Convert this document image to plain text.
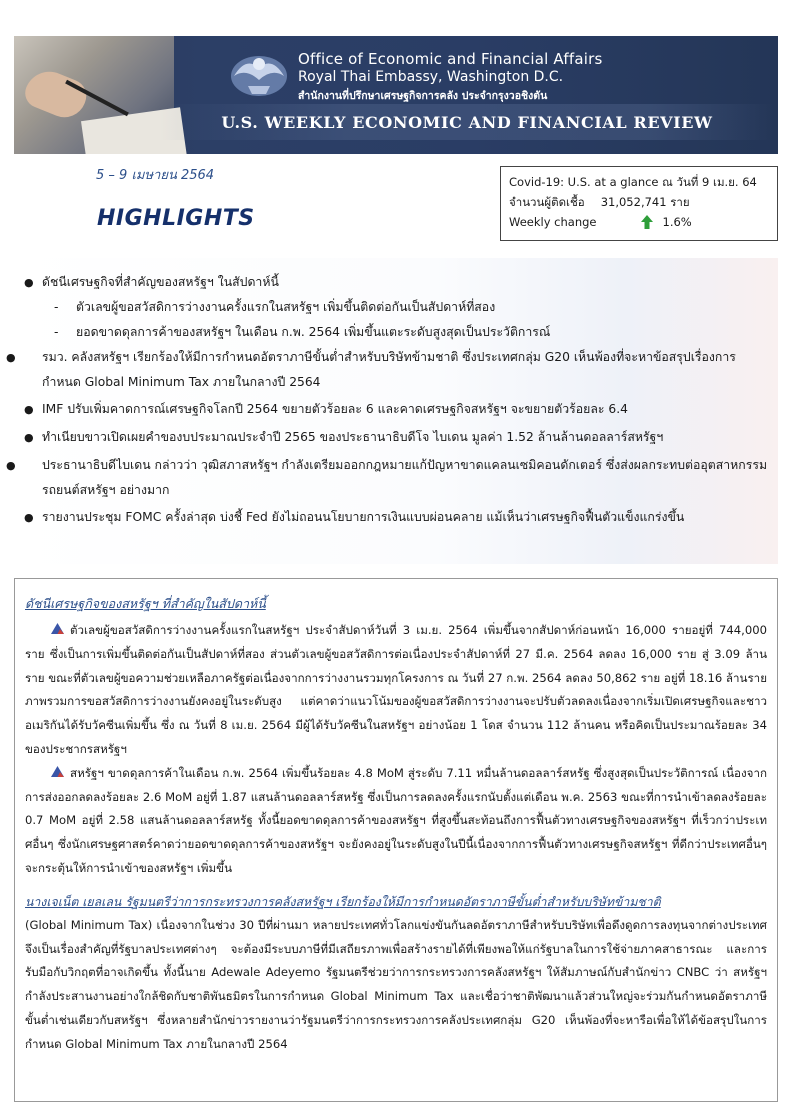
Office of Economic and Financial Affairs
Royal Thai Embassy, Washington D.C.
สำนักงานที่ปรึกษาเศรษฐกิจการคลัง ประจำกรุงวอชิงตัน
U.S. WEEKLY ECONOMIC AND FINANCIAL REVIEW
5 – 9 เมษายน 2564
HIGHLIGHTS
Covid-19: U.S. at a glance ณ วันที่ 9 เม.ย. 64
จำนวนผู้ติดเชื้อ 31,052,741 ราย
Weekly change	1.6%
● ดัชนีเศรษฐกิจที่สำคัญของสหรัฐฯ ในสัปดาห์นี้
- ตัวเลขผู้ขอสวัสดิการว่างงานครั้งแรกในสหรัฐฯ เพิ่มขึ้นติดต่อกันเป็นสัปดาห์ที่สอง
- ยอดขาดดุลการค้าของสหรัฐฯ ในเดือน ก.พ. 2564 เพิ่มขึ้นแตะระดับสูงสุดเป็นประวัติการณ์
● รมว. คลังสหรัฐฯ เรียกร้องให้มีการกำหนดอัตราภาษีขั้นต่ำสำหรับบริษัทข้ามชาติ ซึ่งประเทศกลุ่ม G20 เห็นพ้องที่จะหาข้อสรุปเรื่องการกำหนด Global Minimum Tax ภายในกลางปี 2564
● IMF ปรับเพิ่มคาดการณ์เศรษฐกิจโลกปี 2564 ขยายตัวร้อยละ 6 และคาดเศรษฐกิจสหรัฐฯ จะขยายตัวร้อยละ 6.4
● ทำเนียบขาวเปิดเผยคำของบประมาณประจำปี 2565 ของประธานาธิบดีโจ ไบเดน มูลค่า 1.52 ล้านล้านดอลลาร์สหรัฐฯ
● ประธานาธิบดีไบเดน กล่าวว่า วุฒิสภาสหรัฐฯ กำลังเตรียมออกกฎหมายแก้ปัญหาขาดแคลนเซมิคอนดักเตอร์ ซึ่งส่งผลกระทบต่ออุตสาหกรรมรถยนต์สหรัฐฯ อย่างมาก
● รายงานประชุม FOMC ครั้งล่าสุด บ่งชี้ Fed ยังไม่ถอนนโยบายการเงินแบบผ่อนคลาย แม้เห็นว่าเศรษฐกิจฟื้นตัวแข็งแกร่งขึ้น
ดัชนีเศรษฐกิจของสหรัฐฯ ที่สำคัญในสัปดาห์นี้
ตัวเลขผู้ขอสวัสดิการว่างงานครั้งแรกในสหรัฐฯ ประจำสัปดาห์วันที่ 3 เม.ย. 2564 เพิ่มขึ้นจากสัปดาห์ก่อนหน้า 16,000 รายอยู่ที่ 744,000 ราย ซึ่งเป็นการเพิ่มขึ้นติดต่อกันเป็นสัปดาห์ที่สอง ส่วนตัวเลขผู้ขอสวัสดิการต่อเนื่องประจำสัปดาห์ที่ 27 มี.ค. 2564 ลดลง 16,000 ราย สู่ 3.09 ล้านราย ขณะที่ตัวเลขผู้ขอความช่วยเหลือภาครัฐต่อเนื่องจากการว่างงานรวมทุกโครงการ ณ วันที่ 27 ก.พ. 2564 ลดลง 50,862 ราย อยู่ที่ 18.16 ล้านราย ภาพรวมการขอสวัสดิการว่างงานยังคงอยู่ในระดับสูง แต่คาดว่าแนวโน้มของผู้ขอสวัสดิการว่างงานจะปรับตัวลดลงเนื่องจากเริ่มเปิดเศรษฐกิจและชาวอเมริกันได้รับวัคซีนเพิ่มขึ้น ซึ่ง ณ วันที่ 8 เม.ย. 2564 มีผู้ได้รับวัคซีนในสหรัฐฯ อย่างน้อย 1 โดส จำนวน 112 ล้านคน หรือคิดเป็นประมาณร้อยละ 34 ของประชากรสหรัฐฯ
สหรัฐฯ ขาดดุลการค้าในเดือน ก.พ. 2564 เพิ่มขึ้นร้อยละ 4.8 MoM สู่ระดับ 7.11 หมื่นล้านดอลลาร์สหรัฐ ซึ่งสูงสุดเป็นประวัติการณ์ เนื่องจากการส่งออกลดลงร้อยละ 2.6 MoM อยู่ที่ 1.87 แสนล้านดอลลาร์สหรัฐ ซึ่งเป็นการลดลงครั้งแรกนับตั้งแต่เดือน พ.ค. 2563 ขณะที่การนำเข้าลดลงร้อยละ 0.7 MoM อยู่ที่ 2.58 แสนล้านดอลลาร์สหรัฐ ทั้งนี้ยอดขาดดุลการค้าของสหรัฐฯ ที่สูงขึ้นสะท้อนถึงการฟื้นตัวทางเศรษฐกิจของสหรัฐฯ ที่เร็วกว่าประเทศอื่นๆ ซึ่งนักเศรษฐศาสตร์คาดว่ายอดขาดดุลการค้าของสหรัฐฯ จะยังคงอยู่ในระดับสูงในปีนี้เนื่องจากการฟื้นตัวทางเศรษฐกิจสหรัฐฯ ที่ดีกว่าประเทศอื่นๆ จะกระตุ้นให้การนำเข้าของสหรัฐฯ เพิ่มขึ้น
นางเจเน็ต เยลเลน รัฐมนตรีว่าการกระทรวงการคลังสหรัฐฯ เรียกร้องให้มีการกำหนดอัตราภาษีขั้นต่ำสำหรับบริษัทข้ามชาติ
(Global Minimum Tax) เนื่องจากในช่วง 30 ปีที่ผ่านมา หลายประเทศทั่วโลกแข่งขันกันลดอัตราภาษีสำหรับบริษัทเพื่อดึงดูดการลงทุนจากต่างประเทศ จึงเป็นเรื่องสำคัญที่รัฐบาลประเทศต่างๆ จะต้องมีระบบภาษีที่มีเสถียรภาพเพื่อสร้างรายได้ที่เพียงพอให้แก่รัฐบาลในการใช้จ่ายภาคสาธารณะ และการรับมือกับวิกฤตที่อาจเกิดขึ้น ทั้งนี้นาย Adewale Adeyemo รัฐมนตรีช่วยว่าการกระทรวงการคลังสหรัฐฯ ให้สัมภาษณ์กับสำนักข่าว CNBC ว่า สหรัฐฯ กำลังประสานงานอย่างใกล้ชิดกับชาติพันธมิตรในการกำหนด Global Minimum Tax และเชื่อว่าชาติพัฒนาแล้วส่วนใหญ่จะร่วมกันกำหนดอัตราภาษีขั้นต่ำเช่นเดียวกับสหรัฐฯ ซึ่งหลายสำนักข่าวรายงานว่ารัฐมนตรีว่าการกระทรวงการคลังประเทศกลุ่ม G20 เห็นพ้องที่จะหารือเพื่อให้ได้ข้อสรุปในการกำหนด Global Minimum Tax ภายในกลางปี 2564
